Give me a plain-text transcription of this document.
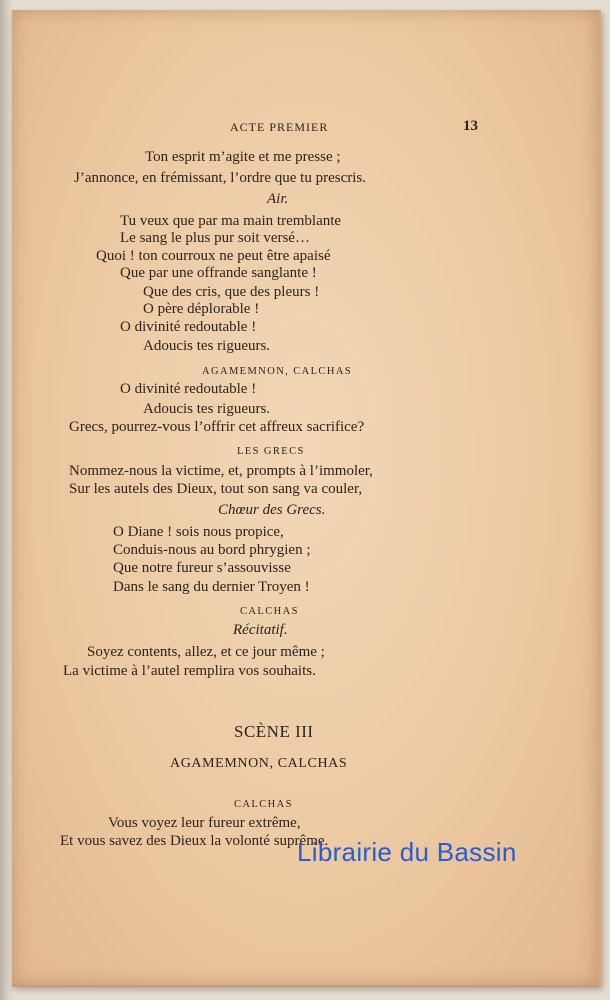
ACTE PREMIER	13

Ton esprit m’agite et me presse ;

J’annonce, en frémissant, l’ordre que tu prescris.

Air.

Tu veux que par ma main tremblante

Le sang le plus pur soit versé…

Quoi ! ton courroux ne peut être apaisé

Que par une offrande sanglante !

Que des cris, que des pleurs !

O père déplorable !

O divinité redoutable !

Adoucis tes rigueurs.

AGAMEMNON, CALCHAS

O divinité redoutable !

Adoucis tes rigueurs.

Grecs, pourrez-vous l’offrir cet affreux sacrifice?

LES GRECS

Nommez-nous la victime, et, prompts à l’immoler,

Sur les autels des Dieux, tout son sang va couler,

Chœur des Grecs.

O Diane ! sois nous propice,

Conduis-nous au bord phrygien ;

Que notre fureur s’assouvisse

Dans le sang du dernier Troyen !

CALCHAS

Récitatif.

Soyez contents, allez, et ce jour même ;

La victime à l’autel remplira vos souhaits.

SCÈNE III

AGAMEMNON, CALCHAS

CALCHAS

Vous voyez leur fureur extrême,

Et vous savez des Dieux la volonté suprême.

Librairie du Bassin
